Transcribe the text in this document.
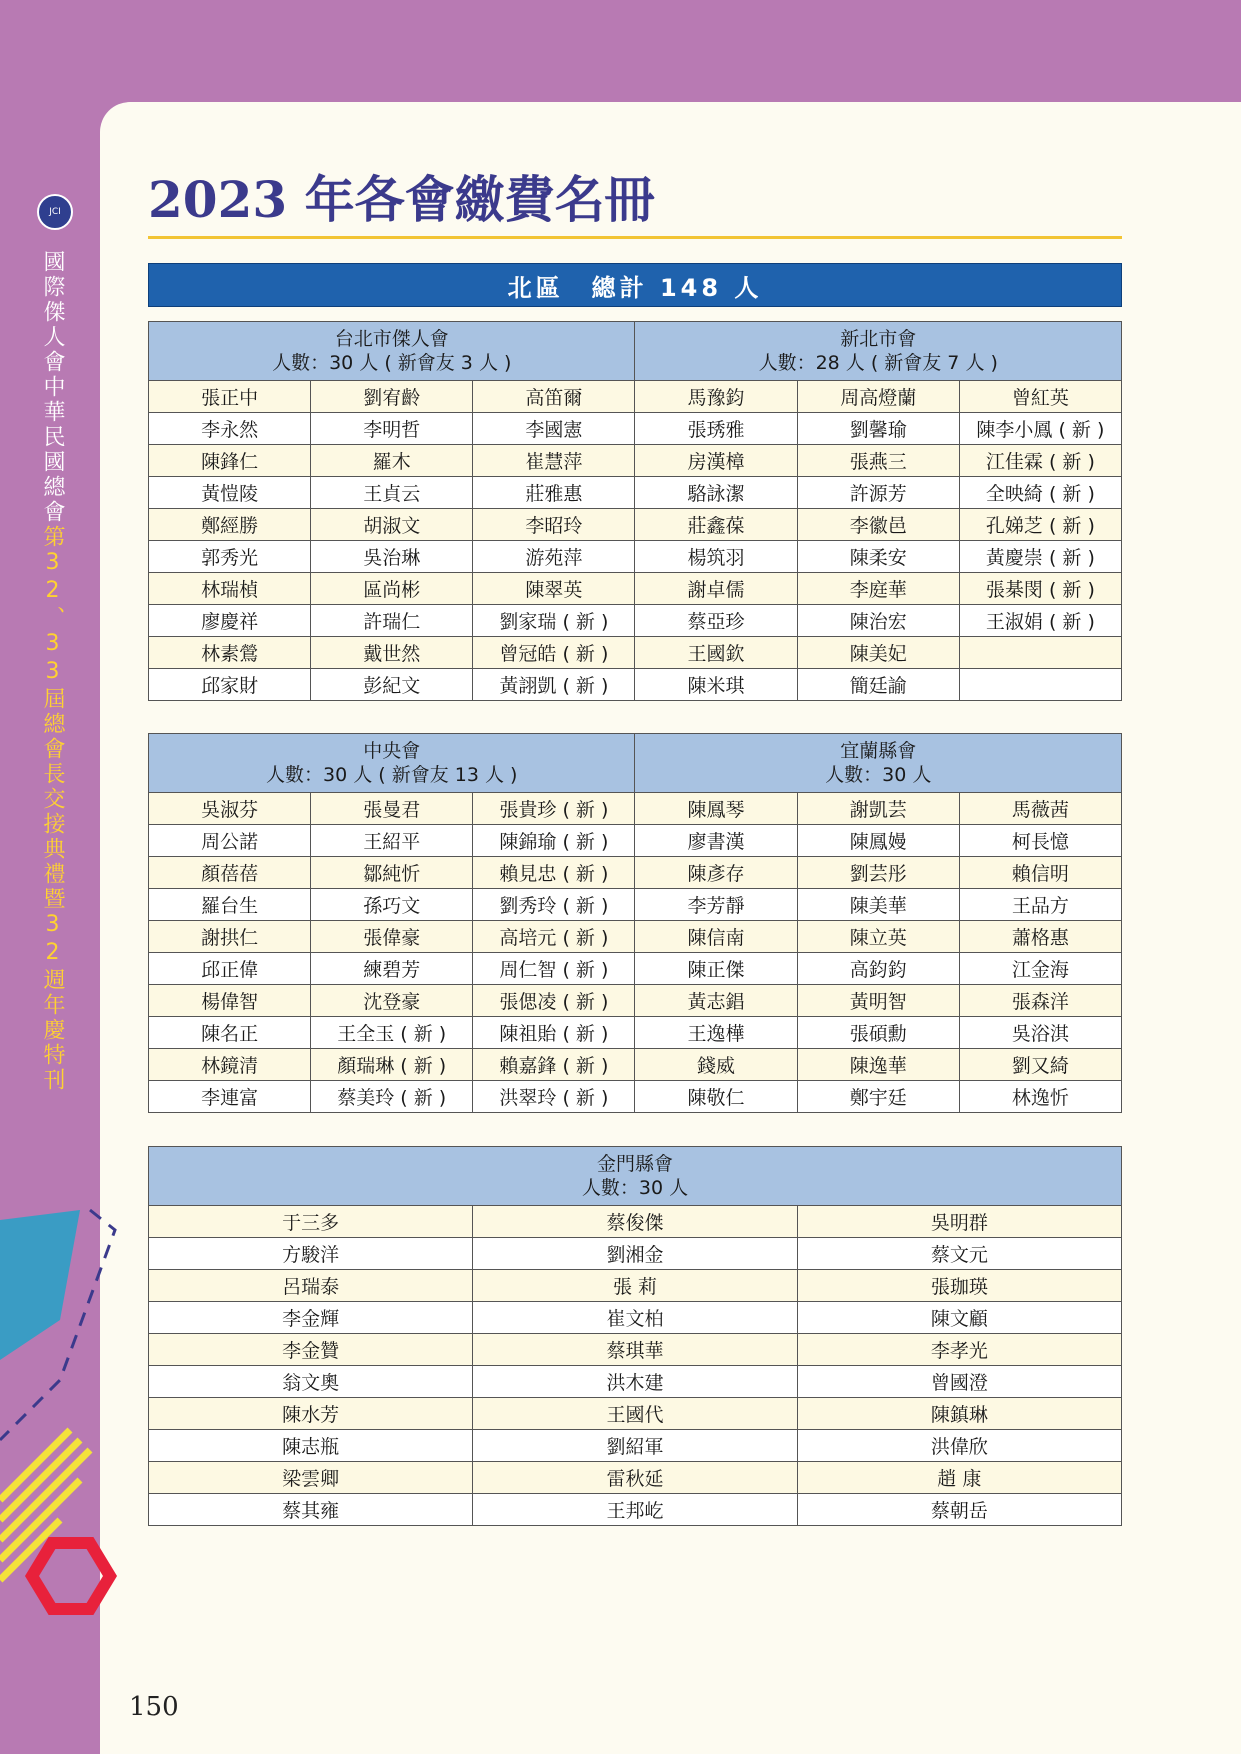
JCI
國際傑人會中華民國總會第32、33屆總會長交接典禮暨32週年慶特刊
2023 年各會繳費名冊
北區　總計 148 人
台北市傑人會
人數：30 人 ( 新會友 3 人 )			新北市會
人數：28 人 ( 新會友 7 人 )		

張正中	劉宥齡	高笛爾	馬豫鈞	周高燈蘭	曾紅英
李永然	李明哲	李國憲	張琇雅	劉馨瑜	陳李小鳳 ( 新 )
陳鋒仁	羅木	崔慧萍	房漢樟	張燕三	江佳霖 ( 新 )
黃愷陵	王貞云	莊雅惠	駱詠潔	許源芳	全映綺 ( 新 )
鄭經勝	胡淑文	李昭玲	莊鑫葆	李徽邑	孔娣芝 ( 新 )
郭秀光	吳治琳	游苑萍	楊筑羽	陳柔安	黃慶崇 ( 新 )
林瑞楨	區尚彬	陳翠英	謝卓儒	李庭華	張棊閔 ( 新 )
廖慶祥	許瑞仁	劉家瑞 ( 新 )	蔡亞珍	陳治宏	王淑娟 ( 新 )
林素鶯	戴世然	曾冠皓 ( 新 )	王國欽	陳美妃	
邱家財	彭紀文	黃詡凱 ( 新 )	陳米琪	簡廷諭	
中央會
人數：30 人 ( 新會友 13 人 )			宜蘭縣會
人數：30 人		

吳淑芬	張曼君	張貴珍 ( 新 )	陳鳳琴	謝凱芸	馬薇茜
周公諾	王紹平	陳錦瑜 ( 新 )	廖書漢	陳鳳嫚	柯長憶
顏蓓蓓	鄒純忻	賴見忠 ( 新 )	陳彥存	劉芸彤	賴信明
羅台生	孫巧文	劉秀玲 ( 新 )	李芳靜	陳美華	王品方
謝拱仁	張偉豪	高培元 ( 新 )	陳信南	陳立英	蕭格惠
邱正偉	練碧芳	周仁智 ( 新 )	陳正傑	高鈞鈞	江金海
楊偉智	沈登豪	張偲凌 ( 新 )	黃志錩	黃明智	張森洋
陳名正	王全玉 ( 新 )	陳祖貽 ( 新 )	王逸樺	張碩勳	吳浴淇
林鏡清	顏瑞琳 ( 新 )	賴嘉鋒 ( 新 )	錢威	陳逸華	劉又綺
李連富	蔡美玲 ( 新 )	洪翠玲 ( 新 )	陳敬仁	鄭宇廷	林逸忻
金門縣會
人數：30 人		

于三多	蔡俊傑	吳明群
方駿洋	劉湘金	蔡文元
呂瑞泰	張 莉	張珈瑛
李金輝	崔文柏	陳文顧
李金贊	蔡琪華	李孝光
翁文奧	洪木建	曾國澄
陳水芳	王國代	陳鎮琳
陳志瓶	劉紹軍	洪偉欣
梁雲卿	雷秋延	趙 康
蔡其雍	王邦屹	蔡朝岳
150
